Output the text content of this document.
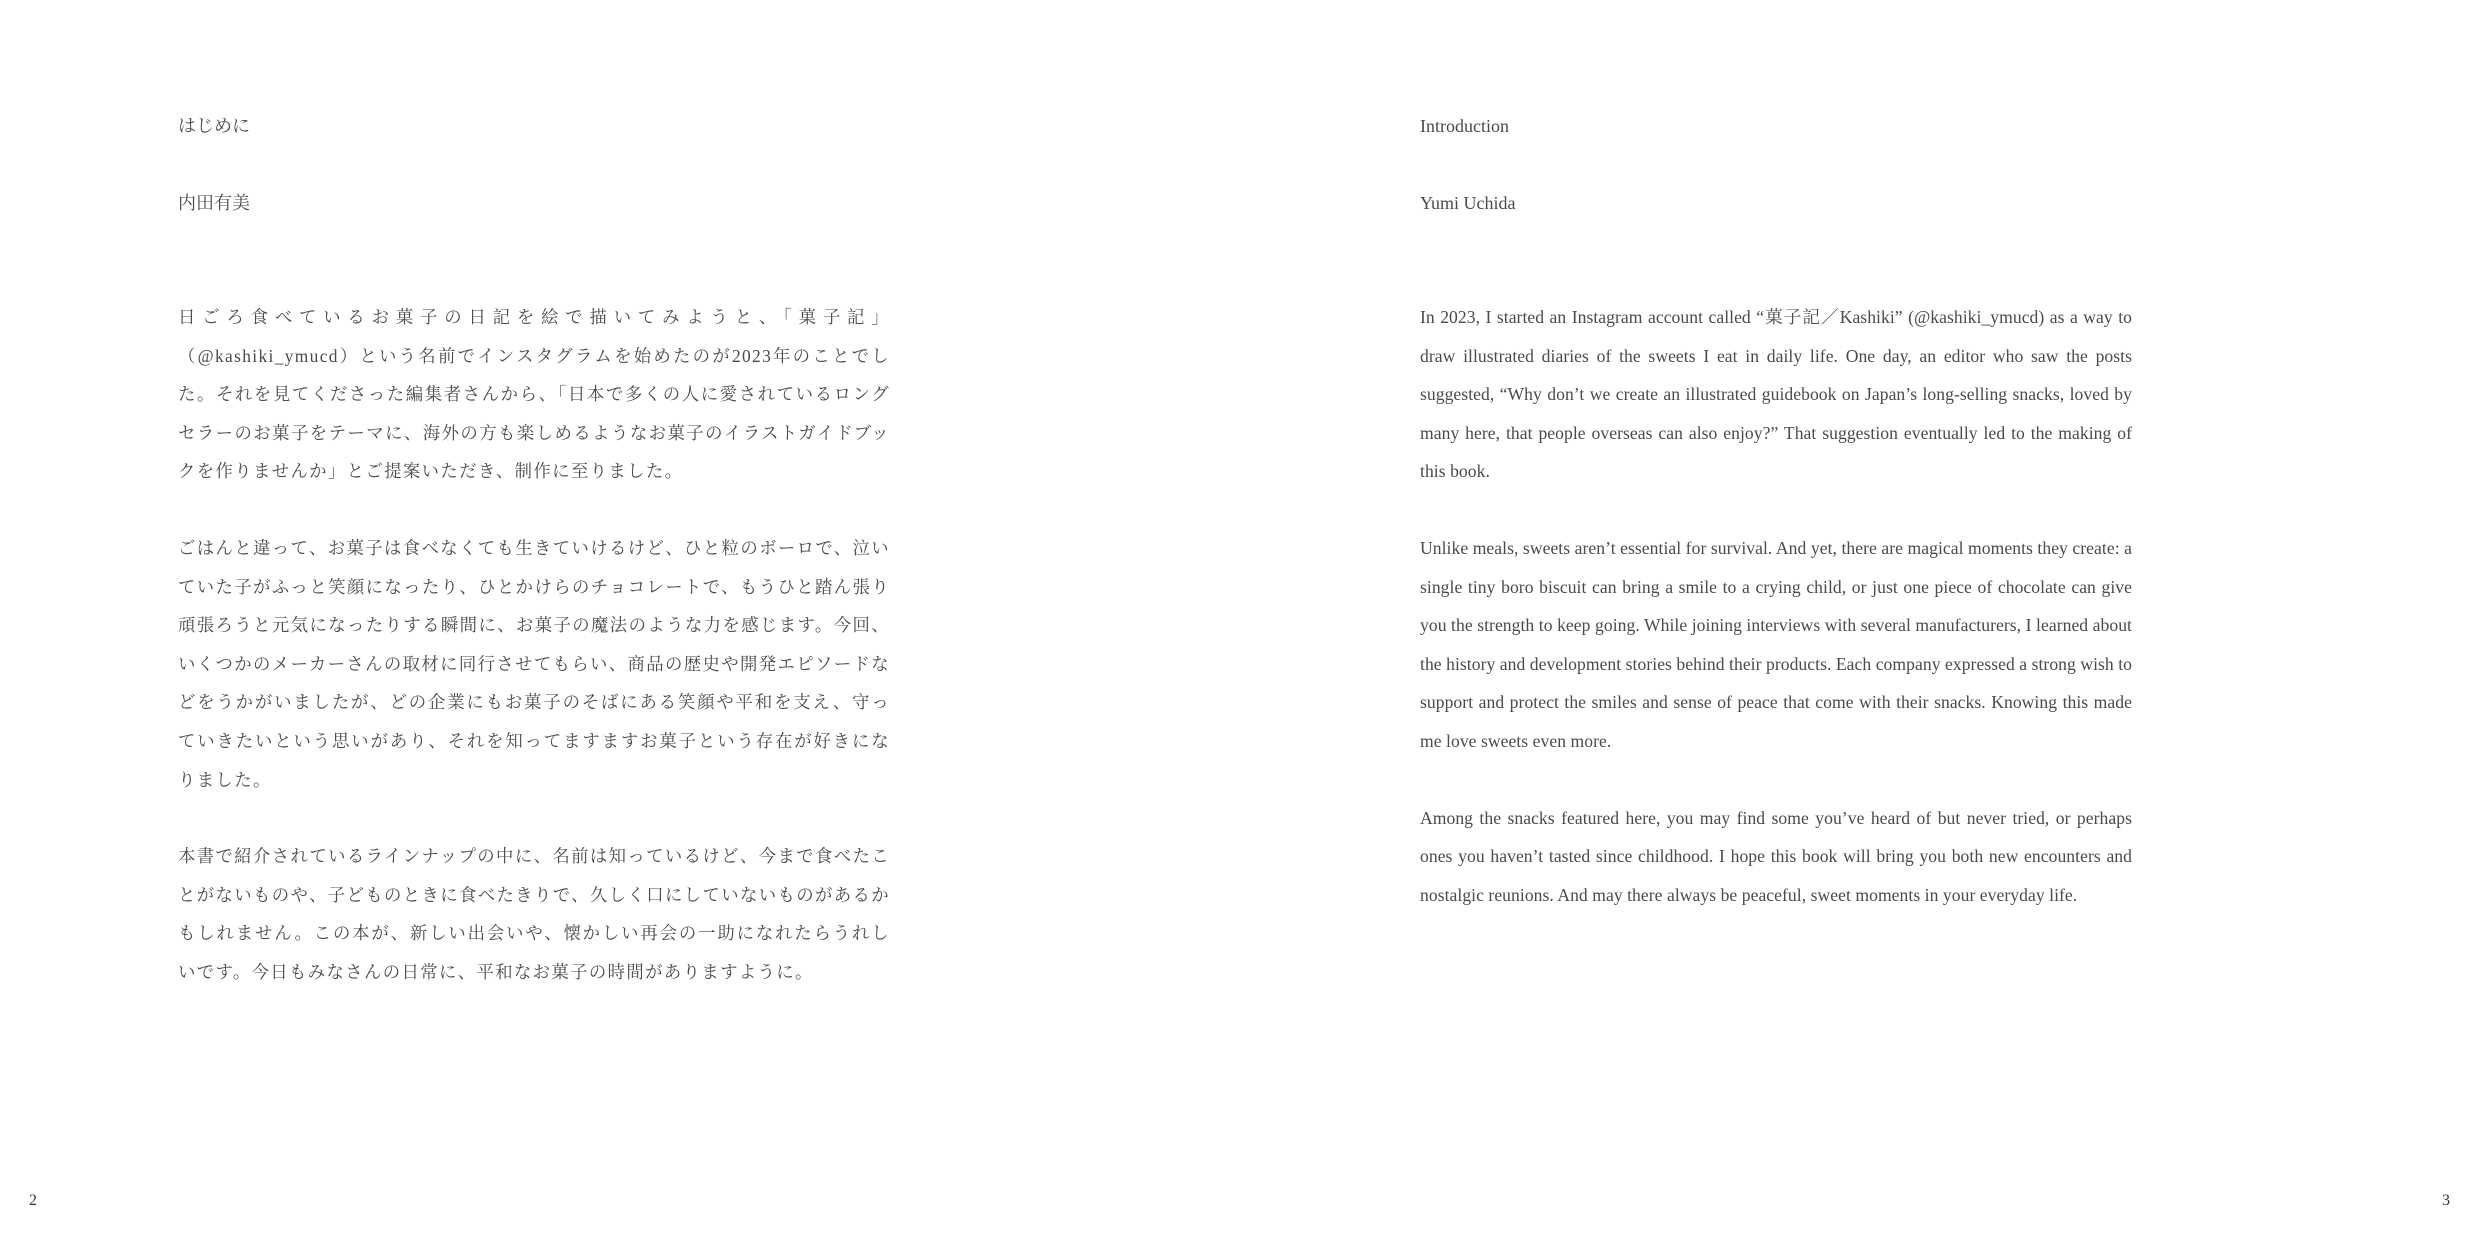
はじめに

内田有美

日ごろ食べているお菓子の日記を絵で描いてみようと、「菓子記」（@kashiki_ymucd）という名前でインスタグラムを始めたのが2023年のことでした。それを見てくださった編集者さんから、「日本で多くの人に愛されているロングセラーのお菓子をテーマに、海外の方も楽しめるようなお菓子のイラストガイドブックを作りませんか」とご提案いただき、制作に至りました。

ごはんと違って、お菓子は食べなくても生きていけるけど、ひと粒のボーロで、泣いていた子がふっと笑顔になったり、ひとかけらのチョコレートで、もうひと踏ん張り頑張ろうと元気になったりする瞬間に、お菓子の魔法のような力を感じます。今回、いくつかのメーカーさんの取材に同行させてもらい、商品の歴史や開発エピソードなどをうかがいましたが、どの企業にもお菓子のそばにある笑顔や平和を支え、守っていきたいという思いがあり、それを知ってますますお菓子という存在が好きになりました。

本書で紹介されているラインナップの中に、名前は知っているけど、今まで食べたことがないものや、子どものときに食べたきりで、久しく口にしていないものがあるかもしれません。この本が、新しい出会いや、懐かしい再会の一助になれたらうれしいです。今日もみなさんの日常に、平和なお菓子の時間がありますように。

2
Introduction

Yumi Uchida

In 2023, I started an Instagram account called “菓子記／Kashiki” (@kashiki_ymucd) as a way to draw illustrated diaries of the sweets I eat in daily life. One day, an editor who saw the posts suggested, “Why don’t we create an illustrated guidebook on Japan’s long-selling snacks, loved by many here, that people overseas can also enjoy?” That suggestion eventually led to the making of this book.

Unlike meals, sweets aren’t essential for survival. And yet, there are magical moments they create: a single tiny boro biscuit can bring a smile to a crying child, or just one piece of chocolate can give you the strength to keep going. While joining interviews with several manufacturers, I learned about the history and development stories behind their products. Each company expressed a strong wish to support and protect the smiles and sense of peace that come with their snacks. Knowing this made me love sweets even more.

Among the snacks featured here, you may find some you’ve heard of but never tried, or perhaps ones you haven’t tasted since childhood. I hope this book will bring you both new encounters and nostalgic reunions. And may there always be peaceful, sweet moments in your everyday life.

3
